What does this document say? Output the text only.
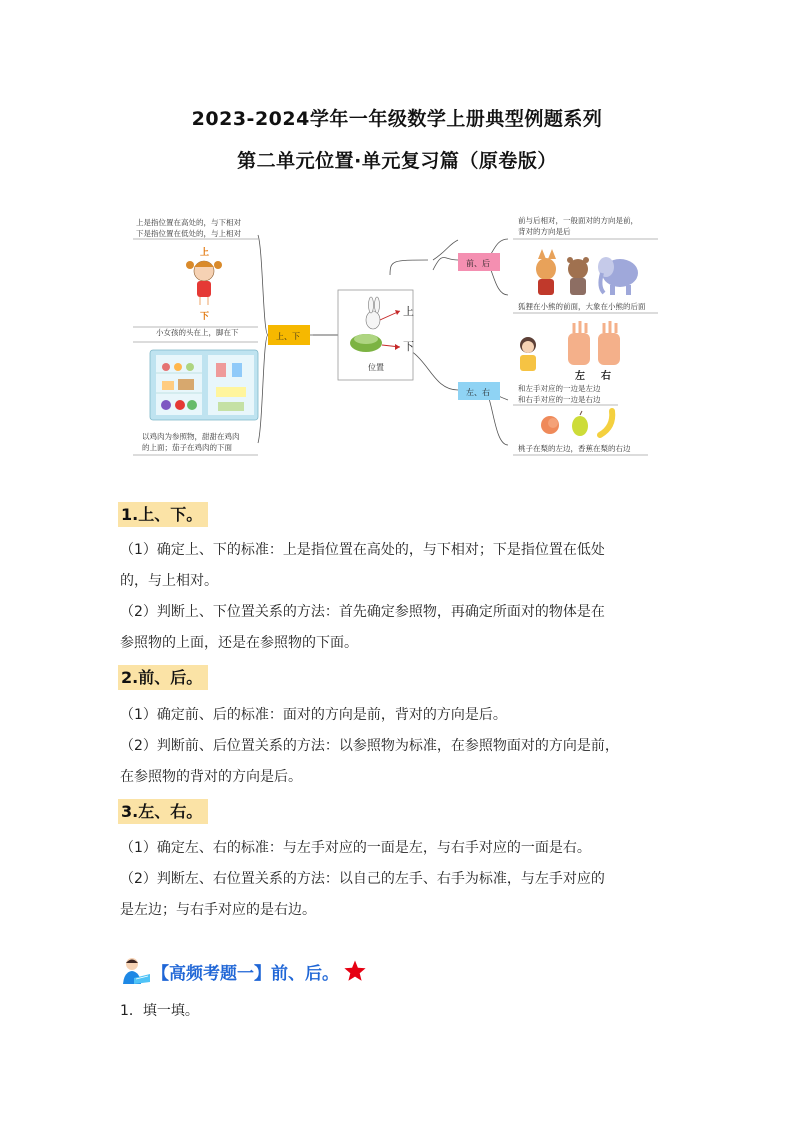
2023-2024学年一年级数学上册典型例题系列
第二单元位置·单元复习篇（原卷版）
上是指位置在高处的，与下相对
下是指位置在低处的，与上相对
上
下
小女孩的头在上，脚在下
以鸡肉为参照物，甜甜在鸡肉
的上面；茄子在鸡肉的下面
上、下
上
下
位置
前、后
前与后相对，一般面对的方向是前，
背对的方向是后
狐狸在小熊的前面，大象在小熊的后面
左、右
左 右
和左手对应的一边是左边
和右手对应的一边是右边
桃子在梨的左边，香蕉在梨的右边
1.上、下。
（1）确定上、下的标准：上是指位置在高处的，与下相对；下是指位置在低处
的，与上相对。
（2）判断上、下位置关系的方法：首先确定参照物，再确定所面对的物体是在
参照物的上面，还是在参照物的下面。
2.前、后。
（1）确定前、后的标准：面对的方向是前，背对的方向是后。
（2）判断前、后位置关系的方法：以参照物为标准，在参照物面对的方向是前，
在参照物的背对的方向是后。
3.左、右。
（1）确定左、右的标准：与左手对应的一面是左，与右手对应的一面是右。
（2）判断左、右位置关系的方法：以自己的左手、右手为标准，与左手对应的
是左边；与右手对应的是右边。
【高频考题一】前、后。
1．填一填。
